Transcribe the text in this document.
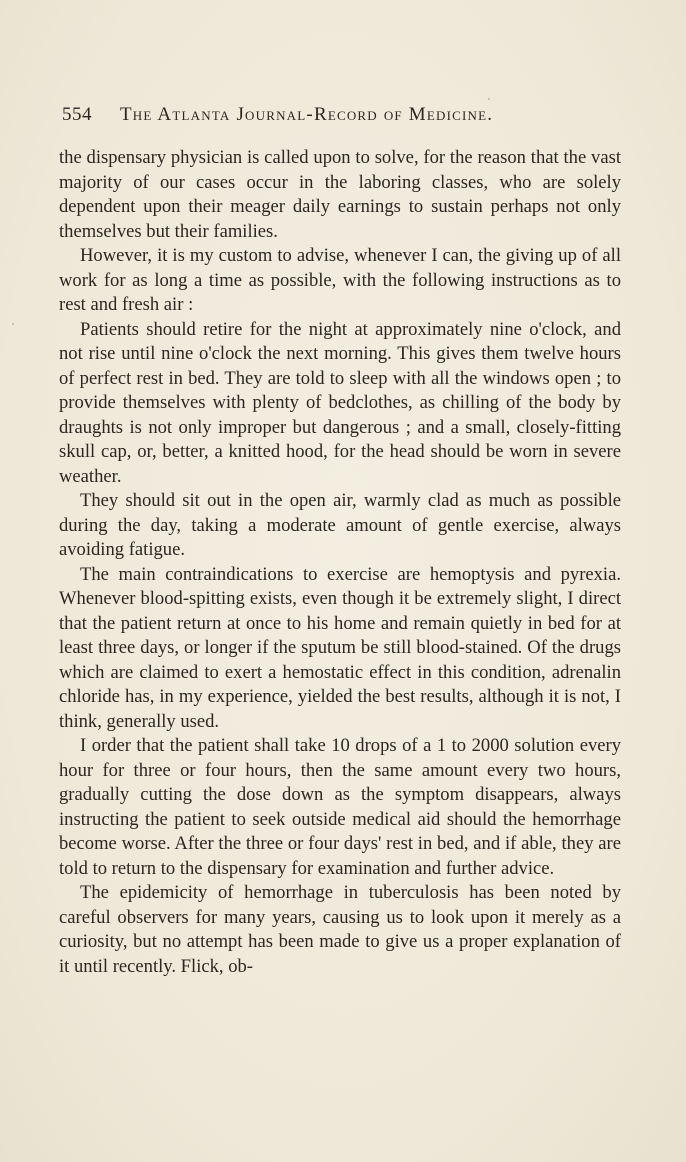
554 The Atlanta Journal-Record of Medicine.

the dispensary physician is called upon to solve, for the reason that the vast majority of our cases occur in the laboring classes, who are solely dependent upon their meager daily earnings to sustain perhaps not only themselves but their families.

However, it is my custom to advise, whenever I can, the giving up of all work for as long a time as possible, with the following instructions as to rest and fresh air :

Patients should retire for the night at approximately nine o'clock, and not rise until nine o'clock the next morning. This gives them twelve hours of perfect rest in bed. They are told to sleep with all the windows open ; to provide themselves with plenty of bedclothes, as chilling of the body by draughts is not only improper but dangerous ; and a small, closely-fitting skull cap, or, better, a knitted hood, for the head should be worn in severe weather.

They should sit out in the open air, warmly clad as much as possible during the day, taking a moderate amount of gentle exercise, always avoiding fatigue.

The main contraindications to exercise are hemoptysis and pyrexia. Whenever blood-spitting exists, even though it be extremely slight, I direct that the patient return at once to his home and remain quietly in bed for at least three days, or longer if the sputum be still blood-stained. Of the drugs which are claimed to exert a hemostatic effect in this condition, adrenalin chloride has, in my experience, yielded the best results, although it is not, I think, generally used.

I order that the patient shall take 10 drops of a 1 to 2000 solution every hour for three or four hours, then the same amount every two hours, gradually cutting the dose down as the symptom disappears, always instructing the patient to seek outside medical aid should the hemorrhage become worse. After the three or four days' rest in bed, and if able, they are told to return to the dispensary for examination and further advice.

The epidemicity of hemorrhage in tuberculosis has been noted by careful observers for many years, causing us to look upon it merely as a curiosity, but no attempt has been made to give us a proper explanation of it until recently. Flick, ob-
